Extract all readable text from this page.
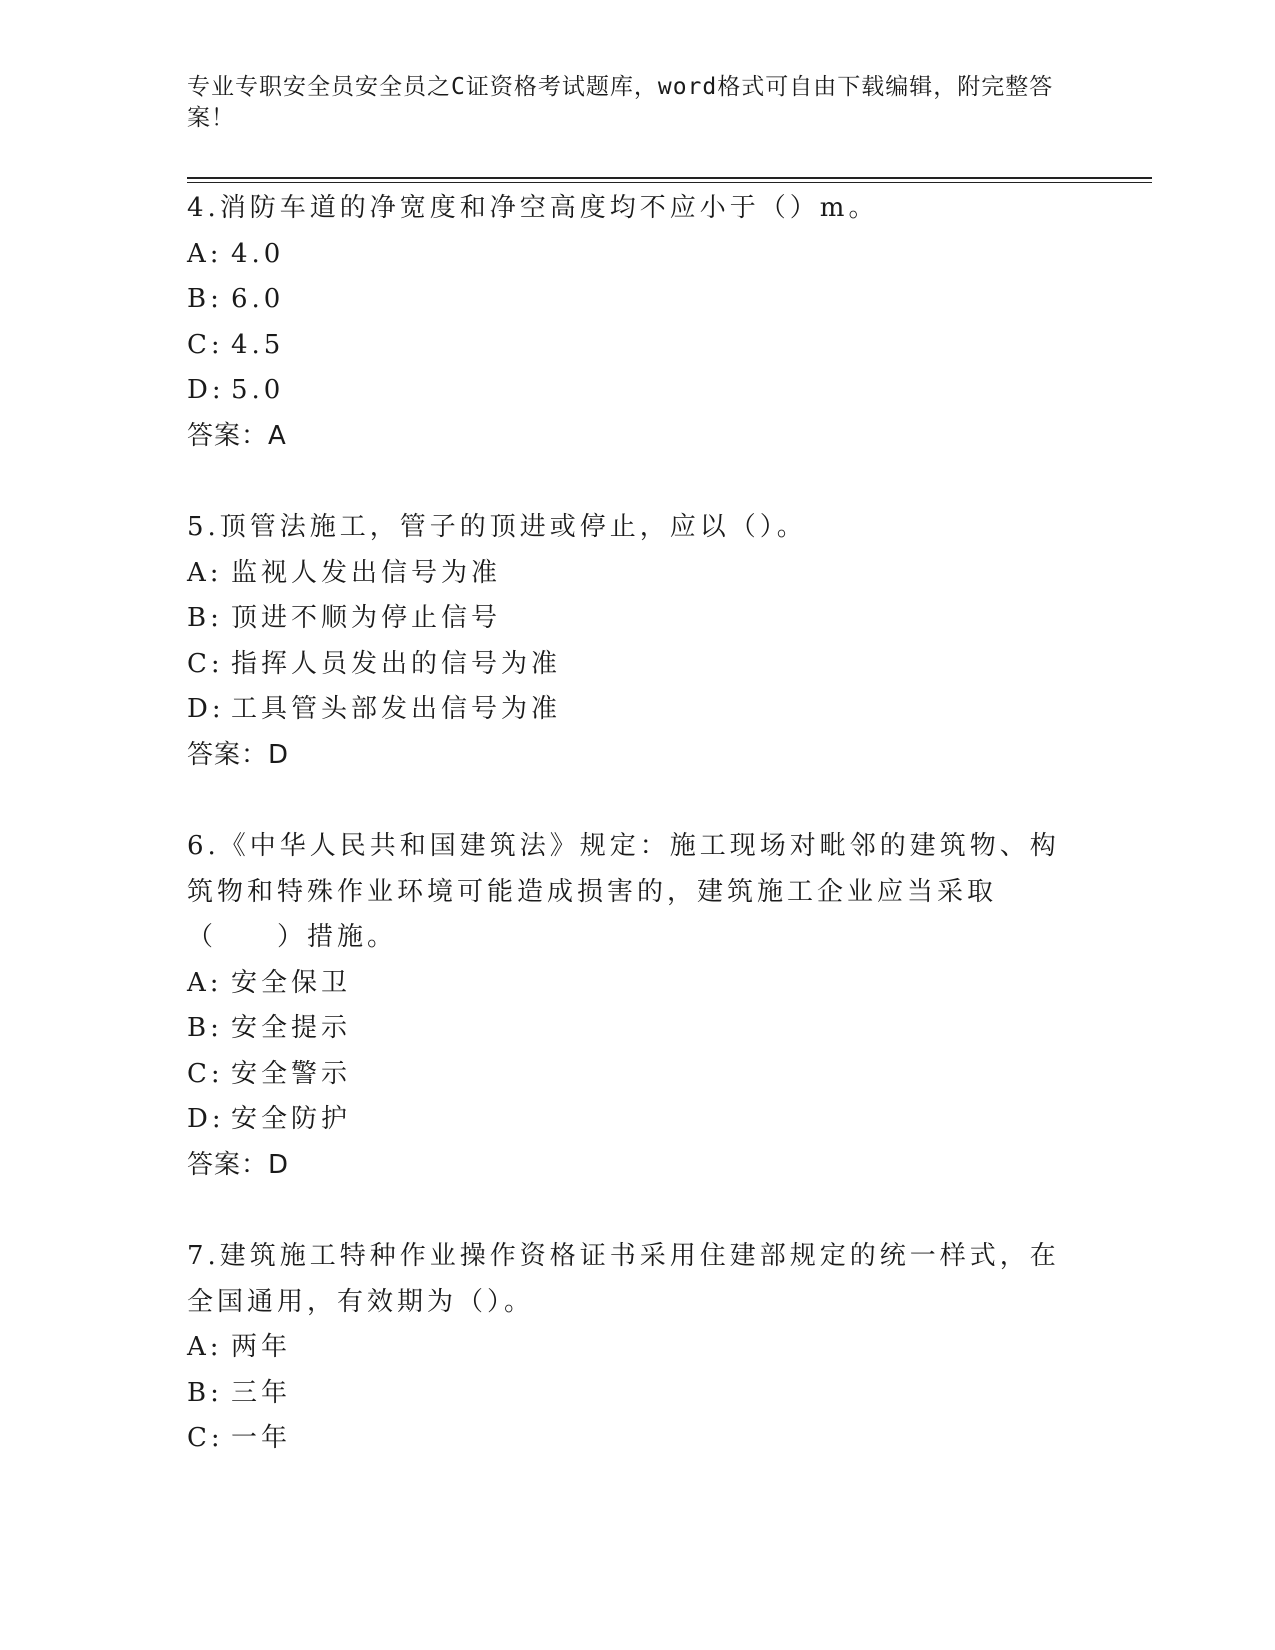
专业专职安全员安全员之C证资格考试题库，word格式可自由下载编辑，附完整答案！

4.消防车道的净宽度和净空高度均不应小于（）m。

A: 4.0

B: 6.0

C: 4.5

D: 5.0

答案：A

5.顶管法施工，管子的顶进或停止，应以（）。

A: 监视人发出信号为准

B: 顶进不顺为停止信号

C: 指挥人员发出的信号为准

D: 工具管头部发出信号为准

答案：D

6.《中华人民共和国建筑法》规定：施工现场对毗邻的建筑物、构筑物和特殊作业环境可能造成损害的，建筑施工企业应当采取（　　）措施。

A: 安全保卫

B: 安全提示

C: 安全警示

D: 安全防护

答案：D

7.建筑施工特种作业操作资格证书采用住建部规定的统一样式，在全国通用，有效期为（）。

A: 两年

B: 三年

C: 一年
